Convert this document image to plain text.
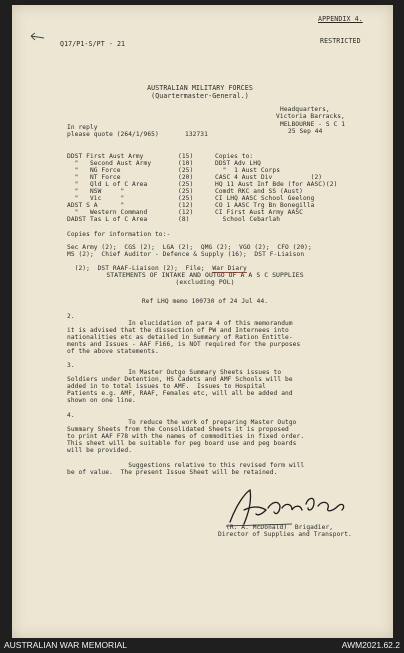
APPENDIX 4.
RESTRICTED
Q17/P1-S/PT - 21
AUSTRALIAN MILITARY FORCES
(Quartermaster-General.)
Headquarters,
Victoria Barracks,
MELBOURNE - S C 1
25 Sep 44
In reply
please quote (264/1/965)	132731
DDST First Aust Army	(15)	Copies to:
"   Second Aust Army	(10)	DDST Adv LHQ
"   NG Force	(25)	"  1 Aust Corps
"   NT Force	(20)	CASC 4 Aust Div          (2)
"   Qld L of C Area	(25)	HQ 11 Aust Inf Bde (for AASC)(2)
"   NSW     "	(25)	Comdt RKC and SS (Aust)
"   Vic     "	(25)	CI LHQ AASC School Geelong
ADST S A      "	(12)	CO 1 AASC Trg Bn Bonegilla
"   Western Command	(12)	CI First Aust Army AASC
DADST Tas L of C Area	(8)	School Cebarlah
Copies for information to:-
Sec Army (2);  CGS (2);  LGA (2);  QMG (2);  VGO (2);  CFO (20);
MS (2);  Chief Auditor - Defence & Supply (16);  DST F-Liaison

(2);  DST RAAF-Liaison (2);  File;  War Diary

STATEMENTS OF INTAKE AND OUTGO OF A A S C SUPPLIES
(excluding POL)
Ref LHQ memo 100730 of 24 Jul 44.
2.
In elucidation of para 4 of this memorandum
it is advised that the dissection of PW and Internees into
nationalities etc as detailed in Summary of Ration Entitle-
ments and Issues - AAF F166, is NOT required for the purposes
of the above statements.
3.
In Master Outgo Summary Sheets issues to
Soldiers under Detention, HS Cadets and AMF Schools will be
added in to total issues to AMF.  Issues to Hospital
Patients e.g. AMF, RAAF, Females etc, will all be added and
shown on one line.
4.
To reduce the work of preparing Master Outgo
Summary Sheets from the Consolidated Sheets it is proposed
to print AAF F78 with the names of commodities in fixed order.
This sheet will be suitable for peg board use and peg boards
will be provided.
Suggestions relative to this revised form will
be of value.  The present Issue Sheet will be retained.
(R. A. McDonald)  Brigadier,
Director of Supplies and Transport.
AUSTRALIAN WAR MEMORIAL	AWM2021.62.2
